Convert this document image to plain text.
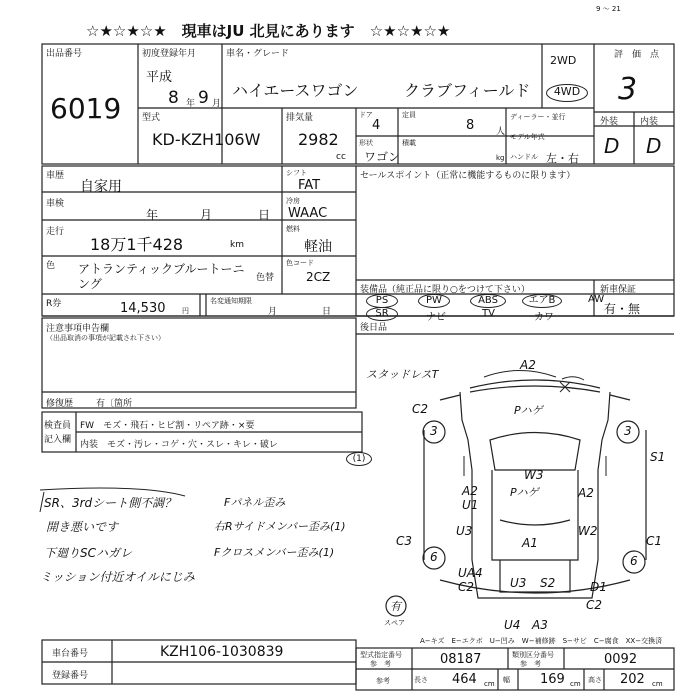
☆★☆★☆★　現車はJU 北見にあります　☆★☆★☆★
9 〜 21
出品番号
6019
初度登録年月
平成
8 年 9 月
車名・グレード
ハイエースワゴン	クラブフィールド
2WD
4WD
評　価　点
3
外装 内装
D D
型式
KD-KZH106W
排気量
2982
cc
ドア
4
定員
8 人
ディーラー・並行
形状
ワゴン
積載
kg
モデル年式
ハンドル 左・右
車歴
自家用
車検
年	月	日
走行
18万1千428	km
色 アトランティックブルートーニング	色替
シフト
FAT
冷房
WAAC
燃料
軽油
色コード
2CZ
セールスポイント（正常に機能するものに限ります）
装備品（純正品に限り○をつけて下さい）	新車保証
有・無
PS	PW	ABS	エアB	AW
SR	ナビ	TV	カワ
後日品
R券	14,530 円
名変通知期限
月	日
注意事項申告欄
（出品取消の事項が記載され下さい）
修復歴	有〔箇所
検査員
記入欄
FW　モズ・飛石・ヒビ割・リペア跡・×要
内装　モズ・汚レ・コゲ・穴・スレ・キレ・破レ
(1)
SR、3rdシート側不調？
開き悪いです
下廻りSCハガレ
ミッション付近オイルにじみ
Fパネル歪み
右Rサイドメンバー歪み(1)
Fクロスメンバー歪み(1)
スタッドレスT
A2
C2
3	3
S1
W3
Pハゲ
Pハゲ
A2
U1
A2
U3	W2
C3	C1
6	6
A1
U3 S2
UA4
C2	D1
C2
U4 A3
有
スペア
A−キズ　E−エクボ　U−凹み　W−補修跡　S−サビ　C−腐食　XX−交換済
車台番号	KZH106-1030839
登録番号
型式指定番号
参　考	08187	類別区分番号
参　考	0092
参考	長さ 464 cm 幅 169 cm 高さ 202 cm
